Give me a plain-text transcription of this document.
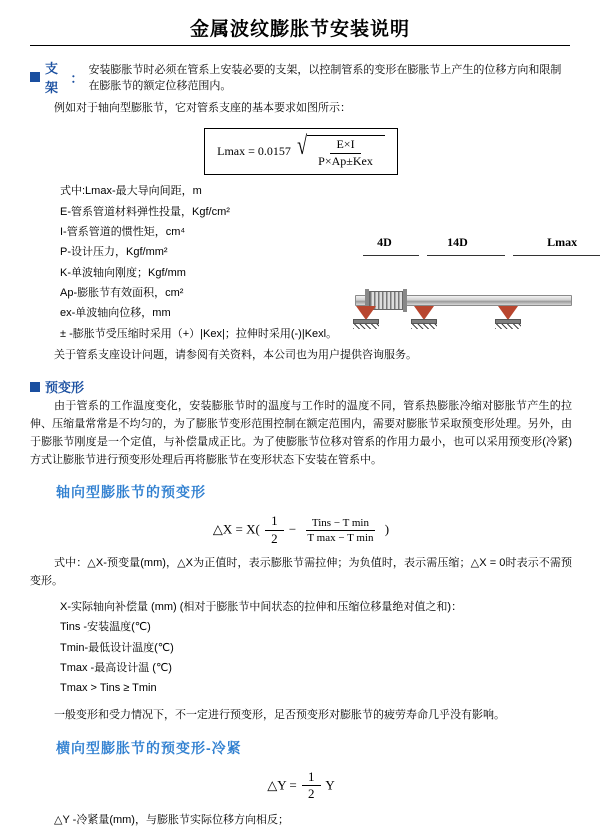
金属波纹膨胀节安装说明
支架
：
安装膨胀节时必须在管系上安装必要的支架，以控制管系的变形在膨胀节上产生的位移方向和限制在膨胀节的额定位移范围内。

例如对于轴向型膨胀节，它对管系支座的基本要求如图所示：

Lmax = 0.0157 √ $\frac{E\times I}{\text{P×Ap±Kex}}$
式中:Lmax-最大导向间距，m
E-管系管道材料弹性投量，Kgf/cm²
I-管系管道的惯性矩，cm⁴
P-设计压力，Kgf/mm²
K-单波轴向刚度；Kgf/mm
Ap-膨胀节有效面积，cm²
ex-单波轴向位移，mm
± -膨胀节受压缩时采用（+）|Kex|；拉伸时采用(-)|Kexl。
4D	14D	Lmax

关于管系支座设计问题，请参阅有关资料，本公司也为用户提供咨询服务。

预变形

由于管系的工作温度变化，安装膨胀节时的温度与工作时的温度不同，管系热膨胀冷缩对膨胀节产生的拉伸、压缩量常常是不均匀的，为了膨胀节变形范围控制在额定范围内，需要对膨胀节采取预变形处理。另外，由于膨胀节刚度是一个定值，与补偿量成正比。为了使膨胀节位移对管系的作用力最小，也可以采用预变形(冷紧)方式让膨胀节进行预变形处理后再将膨胀节在变形状态下安装在管系中。

轴向型膨胀节的预变形
△X = $X( \frac{1}{2} - \frac{\text{Tins − T min}}{\text{T max − T min}}$ )

式中：△X-预变量(mm)，△X为正值时，表示膨胀节需拉伸；为负值时，表示需压缩；△X = 0时表示不需预变形。

X-实际轴向补偿量 (mm) (相对于膨胀节中间状态的拉伸和压缩位移量绝对值之和)：
Tins -安装温度(℃)
Tmin-最低设计温度(℃)
Tmax -最高设计温 (℃)
Tmax > Tins ≥ Tmin

一般变形和受力情况下，不一定进行预变形，足否预变形对膨胀节的疲劳寿命几乎没有影响。

横向型膨胀节的预变形-冷紧
△Y = $\frac{1}{2}$ Y

△Y -冷紧量(mm)，与膨胀节实际位移方向相反；
